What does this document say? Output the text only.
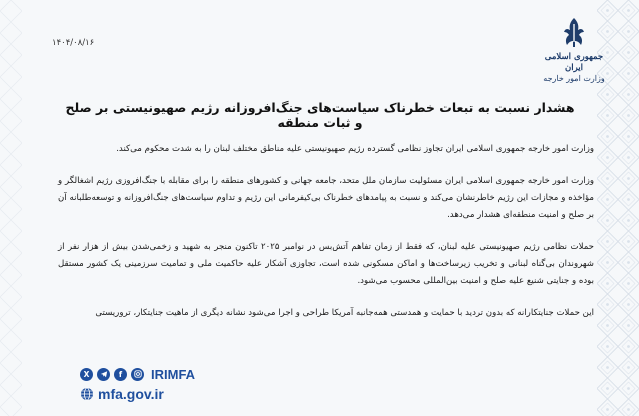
جمهوری اسلامی ایران
وزارت امور خارجه
۱۴۰۴/۰۸/۱۶
هشدار نسبت به تبعات خطرناک سیاست‌های جنگ‌افروزانه رژیم صهیونیستی بر صلح و ثبات منطقه

وزارت امور خارجه جمهوری اسلامی ایران تجاوز نظامی گسترده رژیم صهیونیستی علیه مناطق مختلف لبنان را به شدت محکوم می‌کند.

وزارت امور خارجه جمهوری اسلامی ایران مسئولیت سازمان ملل متحد، جامعه جهانی و کشورهای منطقه را برای مقابله با جنگ‌افروزی رژیم اشغالگر و مؤاخذه و مجازات این رژیم خاطرنشان می‌کند و نسبت به پیامدهای خطرناک بی‌کیفرمانی این رژیم و تداوم سیاست‌های جنگ‌افروزانه و توسعه‌طلبانه آن بر صلح و امنیت منطقه‌ای هشدار می‌دهد.

حملات نظامی رژیم صهیونیستی علیه لبنان، که فقط از زمان تفاهم آتش‌بس در نوامبر ۲۰۲۵ تاکنون منجر به شهید و زخمی‌شدن بیش از هزار نفر از شهروندان بی‌گناه لبنانی و تخریب زیرساخت‌ها و اماکن مسکونی شده است، تجاوزی آشکار علیه حاکمیت ملی و تمامیت سرزمینی یک کشور مستقل بوده و جنایتی شنیع علیه صلح و امنیت بین‌المللی محسوب می‌شود.

این حملات جنایتکارانه که بدون تردید با حمایت و همدستی همه‌جانبه آمریکا طراحی و اجرا می‌شود نشانه دیگری از ماهیت جنایتکار، تروریستی

X	f	IRIMFA
mfa.gov.ir
